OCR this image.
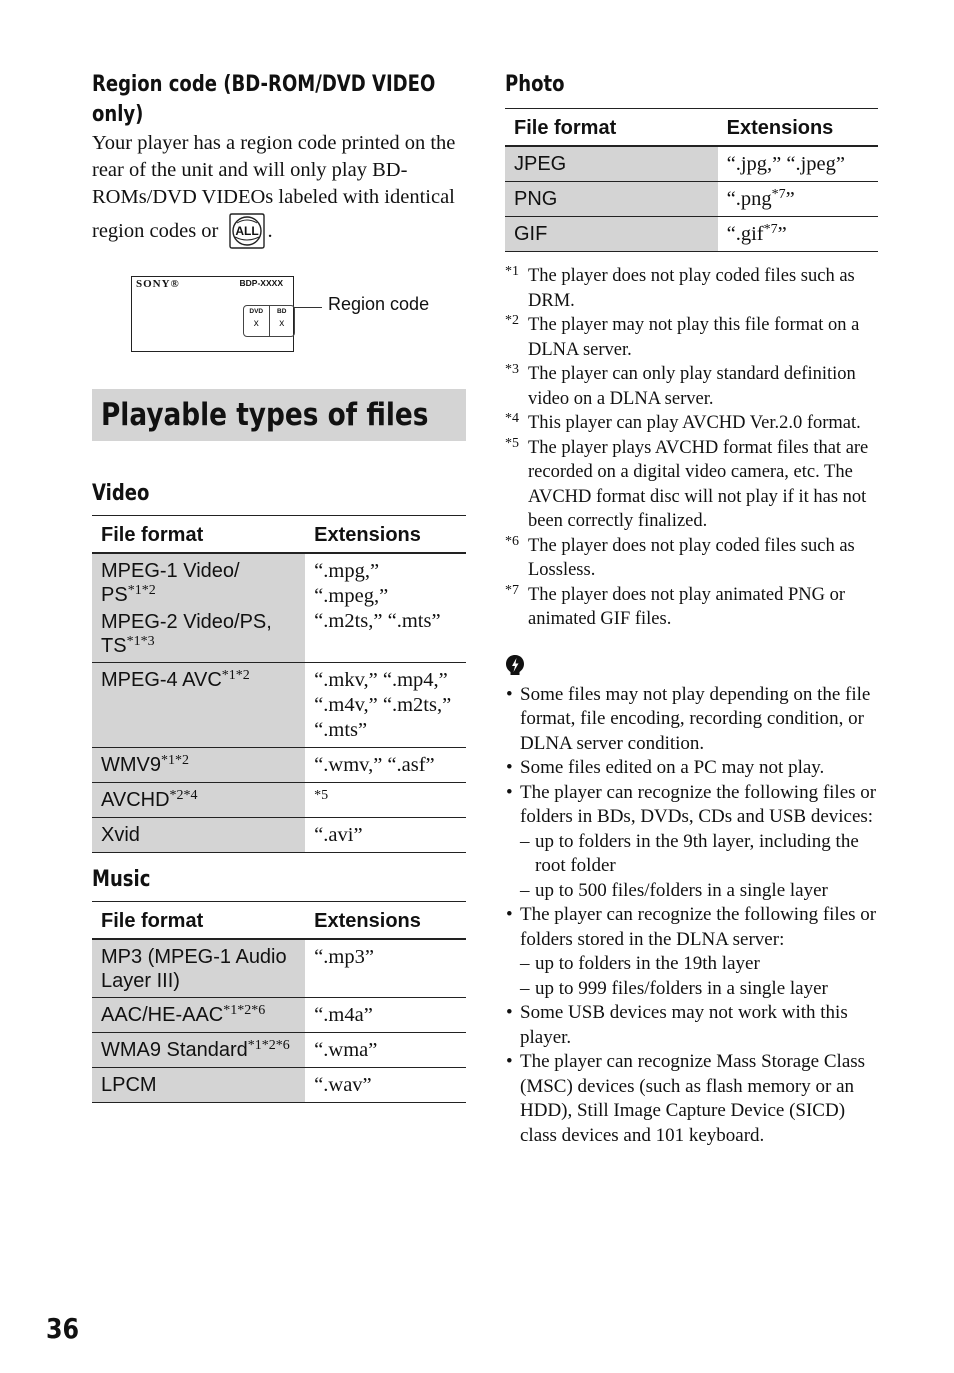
Region code (BD-ROM/DVD VIDEO
only)
Your player has a region code printed on the rear of the unit and will only play BD-ROMs/DVD VIDEOs labeled with identical region codes or ALL .
SONY®	BDP-XXXX
DVD
x
BD
x
Region code
Playable types of files
Video
File format	Extensions

MPEG-1 Video/ $PS^{*1*2}$
MPEG-2 Video/PS, $TS^{*1*3}$	“.mpg,” “.mpeg,” “.m2ts,” “.mts”

MPEG-4 $AVC^{*1*2}$	“.mkv,” “.mp4,” “.m4v,” “.m2ts,” “.mts”

$WMV9^{*1*2}$	“.wmv,” “.asf”

$AVCHD^{*2*4}$	$^{*5}$

Xvid	“.avi”
Music
File format	Extensions

MP3 (MPEG-1 Audio Layer III)	“.mp3”

AAC/$HE-AAC^{*1*2*6}$	“.m4a”

WMA9 Standard$^{*1*2*6}$	“.wma”

LPCM	“.wav”
Photo
File format	Extensions

JPEG	“.jpg,” “.jpeg”

PNG	“.png$^{*7}$”

GIF	“.gif$^{*7}$”
*1 The player does not play coded files such as DRM.
*2 The player may not play this file format on a DLNA server.
*3 The player can only play standard definition video on a DLNA server.
*4 This player can play AVCHD Ver.2.0 format.
*5 The player plays AVCHD format files that are recorded on a digital video camera, etc. The AVCHD format disc will not play if it has not been correctly finalized.
*6 The player does not play coded files such as Lossless.
*7 The player does not play animated PNG or animated GIF files.
• Some files may not play depending on the file format, file encoding, recording condition, or DLNA server condition.
• Some files edited on a PC may not play.
• The player can recognize the following files or folders in BDs, DVDs, CDs and USB devices:
– up to folders in the 9th layer, including the root folder
– up to 500 files/folders in a single layer
• The player can recognize the following files or folders stored in the DLNA server:
– up to folders in the 19th layer
– up to 999 files/folders in a single layer
• Some USB devices may not work with this player.
• The player can recognize Mass Storage Class (MSC) devices (such as flash memory or an HDD), Still Image Capture Device (SICD) class devices and 101 keyboard.
36
